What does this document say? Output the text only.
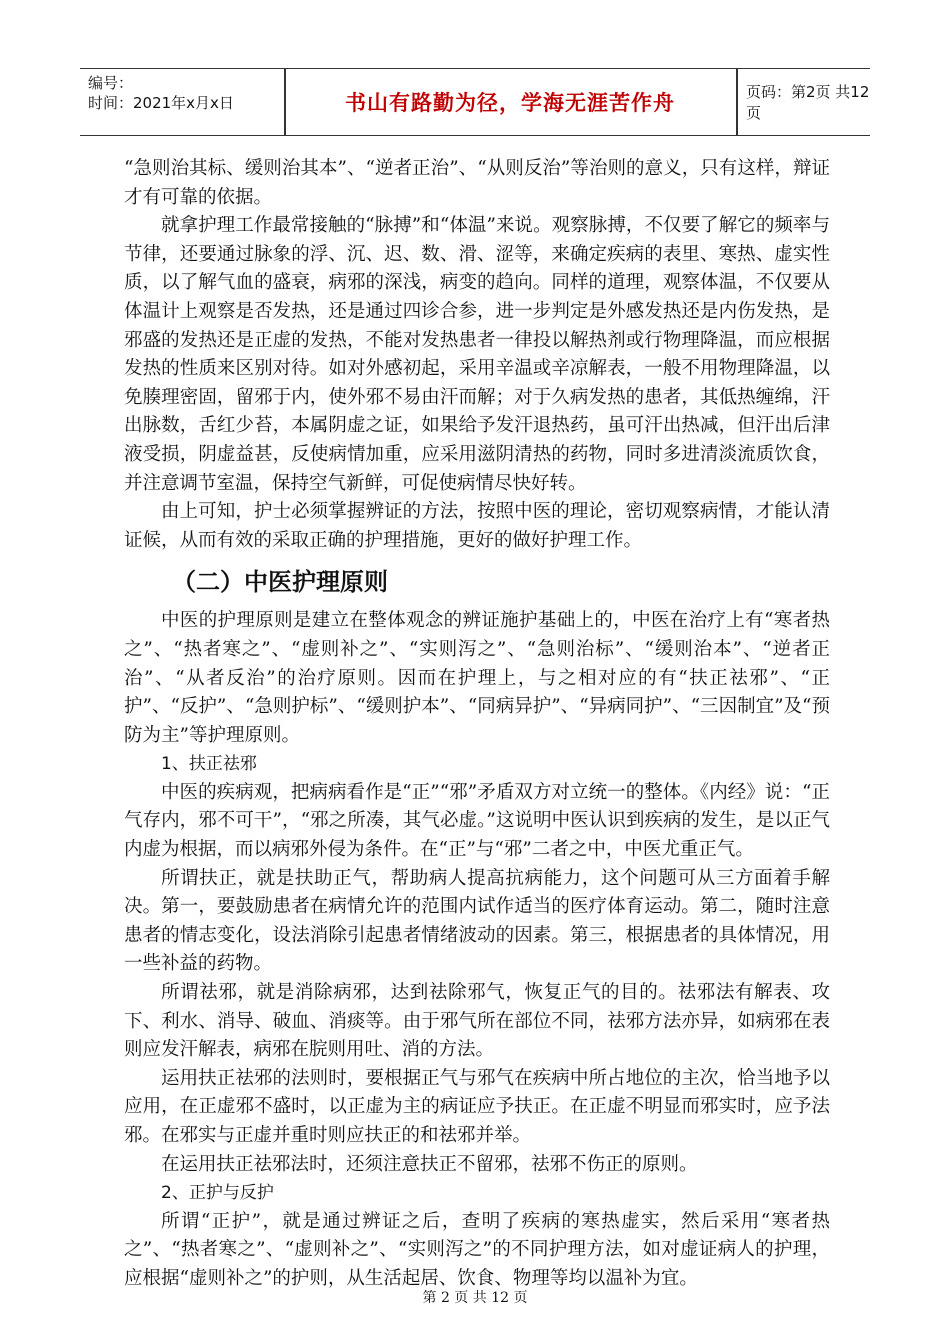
编号：
时间：2021年x月x日	书山有路勤为径，学海无涯苦作舟	页码：第2页 共12页

“急则治其标、缓则治其本”、“逆者正治”、“从则反治”等治则的意义，只有这样，辩证才有可靠的依据。

就拿护理工作最常接触的“脉搏”和“体温”来说。观察脉搏，不仅要了解它的频率与节律，还要通过脉象的浮、沉、迟、数、滑、涩等，来确定疾病的表里、寒热、虚实性质，以了解气血的盛衰，病邪的深浅，病变的趋向。同样的道理，观察体温，不仅要从体温计上观察是否发热，还是通过四诊合参，进一步判定是外感发热还是内伤发热，是邪盛的发热还是正虚的发热，不能对发热患者一律投以解热剂或行物理降温，而应根据发热的性质来区别对待。如对外感初起，采用辛温或辛凉解表，一般不用物理降温，以免腠理密固，留邪于内，使外邪不易由汗而解；对于久病发热的患者，其低热缠绵，汗出脉数，舌红少苔，本属阴虚之证，如果给予发汗退热药，虽可汗出热减，但汗出后津液受损，阴虚益甚，反使病情加重，应采用滋阴清热的药物，同时多进清淡流质饮食，并注意调节室温，保持空气新鲜，可促使病情尽快好转。

由上可知，护士必须掌握辨证的方法，按照中医的理论，密切观察病情，才能认清证候，从而有效的采取正确的护理措施，更好的做好护理工作。

（二）中医护理原则

中医的护理原则是建立在整体观念的辨证施护基础上的，中医在治疗上有“寒者热之”、“热者寒之”、“虚则补之”、“实则泻之”、“急则治标”、“缓则治本”、“逆者正治”、“从者反治”的治疗原则。因而在护理上，与之相对应的有“扶正祛邪”、“正护”、“反护”、“急则护标”、“缓则护本”、“同病异护”、“异病同护”、“三因制宜”及“预防为主”等护理原则。

1、扶正祛邪

中医的疾病观，把病病看作是“正”“邪”矛盾双方对立统一的整体。《内经》说：“正气存内，邪不可干”，“邪之所凑，其气必虚。”这说明中医认识到疾病的发生，是以正气内虚为根据，而以病邪外侵为条件。在“正”与“邪”二者之中，中医尤重正气。

所谓扶正，就是扶助正气，帮助病人提高抗病能力，这个问题可从三方面着手解决。第一，要鼓励患者在病情允许的范围内试作适当的医疗体育运动。第二，随时注意患者的情志变化，设法消除引起患者情绪波动的因素。第三，根据患者的具体情况，用一些补益的药物。

所谓祛邪，就是消除病邪，达到祛除邪气，恢复正气的目的。祛邪法有解表、攻下、利水、消导、破血、消痰等。由于邪气所在部位不同，祛邪方法亦异，如病邪在表则应发汗解表，病邪在脘则用吐、消的方法。

运用扶正祛邪的法则时，要根据正气与邪气在疾病中所占地位的主次，恰当地予以应用，在正虚邪不盛时，以正虚为主的病证应予扶正。在正虚不明显而邪实时，应予法邪。在邪实与正虚并重时则应扶正的和祛邪并举。

在运用扶正祛邪法时，还须注意扶正不留邪，祛邪不伤正的原则。

2、正护与反护

所谓“正护”，就是通过辨证之后，查明了疾病的寒热虚实，然后采用“寒者热之”、“热者寒之”、“虚则补之”、“实则泻之”的不同护理方法，如对虚证病人的护理，应根据“虚则补之”的护则，从生活起居、饮食、物理等均以温补为宜。

第 2 页 共 12 页
